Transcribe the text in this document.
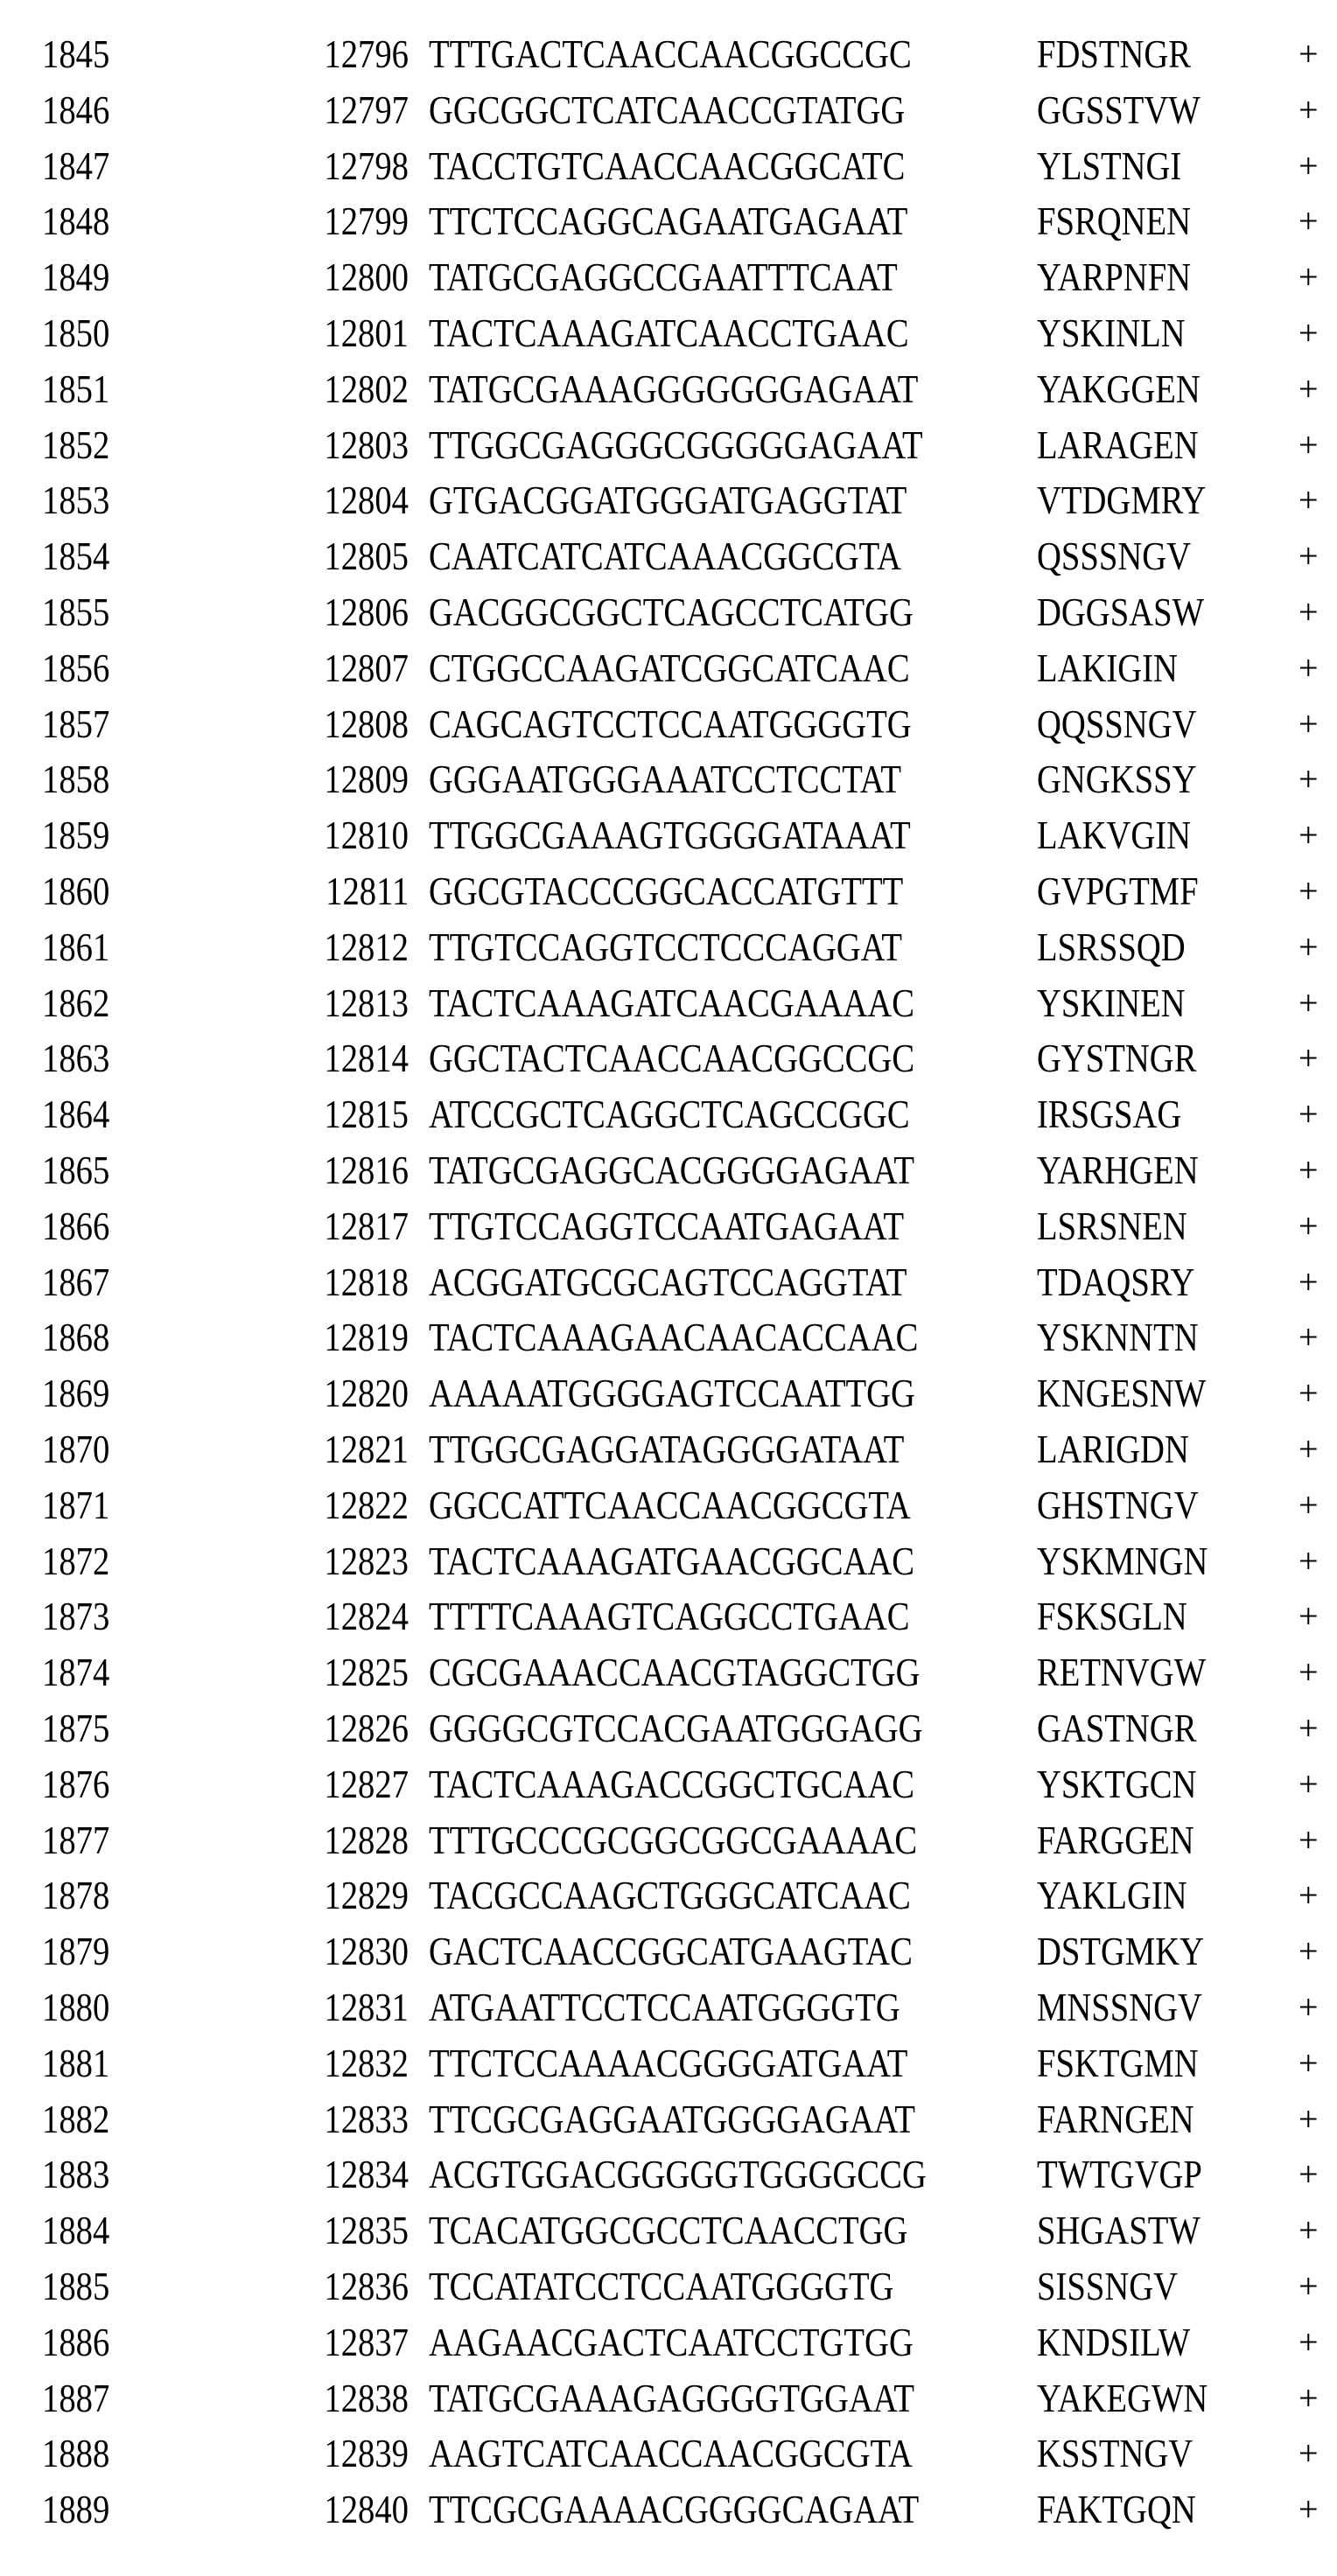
1845	12796 TTTGACTCAACCAACGGCCGC	FDSTNGR	+
1846	12797 GGCGGCTCATCAACCGTATGG	GGSSTVW	+
1847	12798 TACCTGTCAACCAACGGCATC	YLSTNGI	+
1848	12799 TTCTCCAGGCAGAATGAGAAT	FSRQNEN	+
1849	12800 TATGCGAGGCCGAATTTCAAT	YARPNFN	+
1850	12801 TACTCAAAGATCAACCTGAAC	YSKINLN	+
1851	12802 TATGCGAAAGGGGGGGAGAAT	YAKGGEN	+
1852	12803 TTGGCGAGGGCGGGGGAGAAT	LARAGEN	+
1853	12804 GTGACGGATGGGATGAGGTAT	VTDGMRY	+
1854	12805 CAATCATCATCAAACGGCGTA	QSSSNGV	+
1855	12806 GACGGCGGCTCAGCCTCATGG	DGGSASW	+
1856	12807 CTGGCCAAGATCGGCATCAAC	LAKIGIN	+
1857	12808 CAGCAGTCCTCCAATGGGGTG	QQSSNGV	+
1858	12809 GGGAATGGGAAATCCTCCTAT	GNGKSSY	+
1859	12810 TTGGCGAAAGTGGGGATAAAT	LAKVGIN	+
1860	12811 GGCGTACCCGGCACCATGTTT	GVPGTMF	+
1861	12812 TTGTCCAGGTCCTCCCAGGAT	LSRSSQD	+
1862	12813 TACTCAAAGATCAACGAAAAC	YSKINEN	+
1863	12814 GGCTACTCAACCAACGGCCGC	GYSTNGR	+
1864	12815 ATCCGCTCAGGCTCAGCCGGC	IRSGSAG	+
1865	12816 TATGCGAGGCACGGGGAGAAT	YARHGEN	+
1866	12817 TTGTCCAGGTCCAATGAGAAT	LSRSNEN	+
1867	12818 ACGGATGCGCAGTCCAGGTAT	TDAQSRY	+
1868	12819 TACTCAAAGAACAACACCAAC	YSKNNTN	+
1869	12820 AAAAATGGGGAGTCCAATTGG	KNGESNW	+
1870	12821 TTGGCGAGGATAGGGGATAAT	LARIGDN	+
1871	12822 GGCCATTCAACCAACGGCGTA	GHSTNGV	+
1872	12823 TACTCAAAGATGAACGGCAAC	YSKMNGN	+
1873	12824 TTTTCAAAGTCAGGCCTGAAC	FSKSGLN	+
1874	12825 CGCGAAACCAACGTAGGCTGG	RETNVGW	+
1875	12826 GGGGCGTCCACGAATGGGAGG	GASTNGR	+
1876	12827 TACTCAAAGACCGGCTGCAAC	YSKTGCN	+
1877	12828 TTTGCCCGCGGCGGCGAAAAC	FARGGEN	+
1878	12829 TACGCCAAGCTGGGCATCAAC	YAKLGIN	+
1879	12830 GACTCAACCGGCATGAAGTAC	DSTGMKY	+
1880	12831 ATGAATTCCTCCAATGGGGTG	MNSSNGV	+
1881	12832 TTCTCCAAAACGGGGATGAAT	FSKTGMN	+
1882	12833 TTCGCGAGGAATGGGGAGAAT	FARNGEN	+
1883	12834 ACGTGGACGGGGGTGGGGCCG	TWTGVGP	+
1884	12835 TCACATGGCGCCTCAACCTGG	SHGASTW	+
1885	12836 TCCATATCCTCCAATGGGGTG	SISSNGV	+
1886	12837 AAGAACGACTCAATCCTGTGG	KNDSILW	+
1887	12838 TATGCGAAAGAGGGGTGGAAT	YAKEGWN	+
1888	12839 AAGTCATCAACCAACGGCGTA	KSSTNGV	+
1889	12840 TTCGCGAAAACGGGGCAGAAT	FAKTGQN	+
